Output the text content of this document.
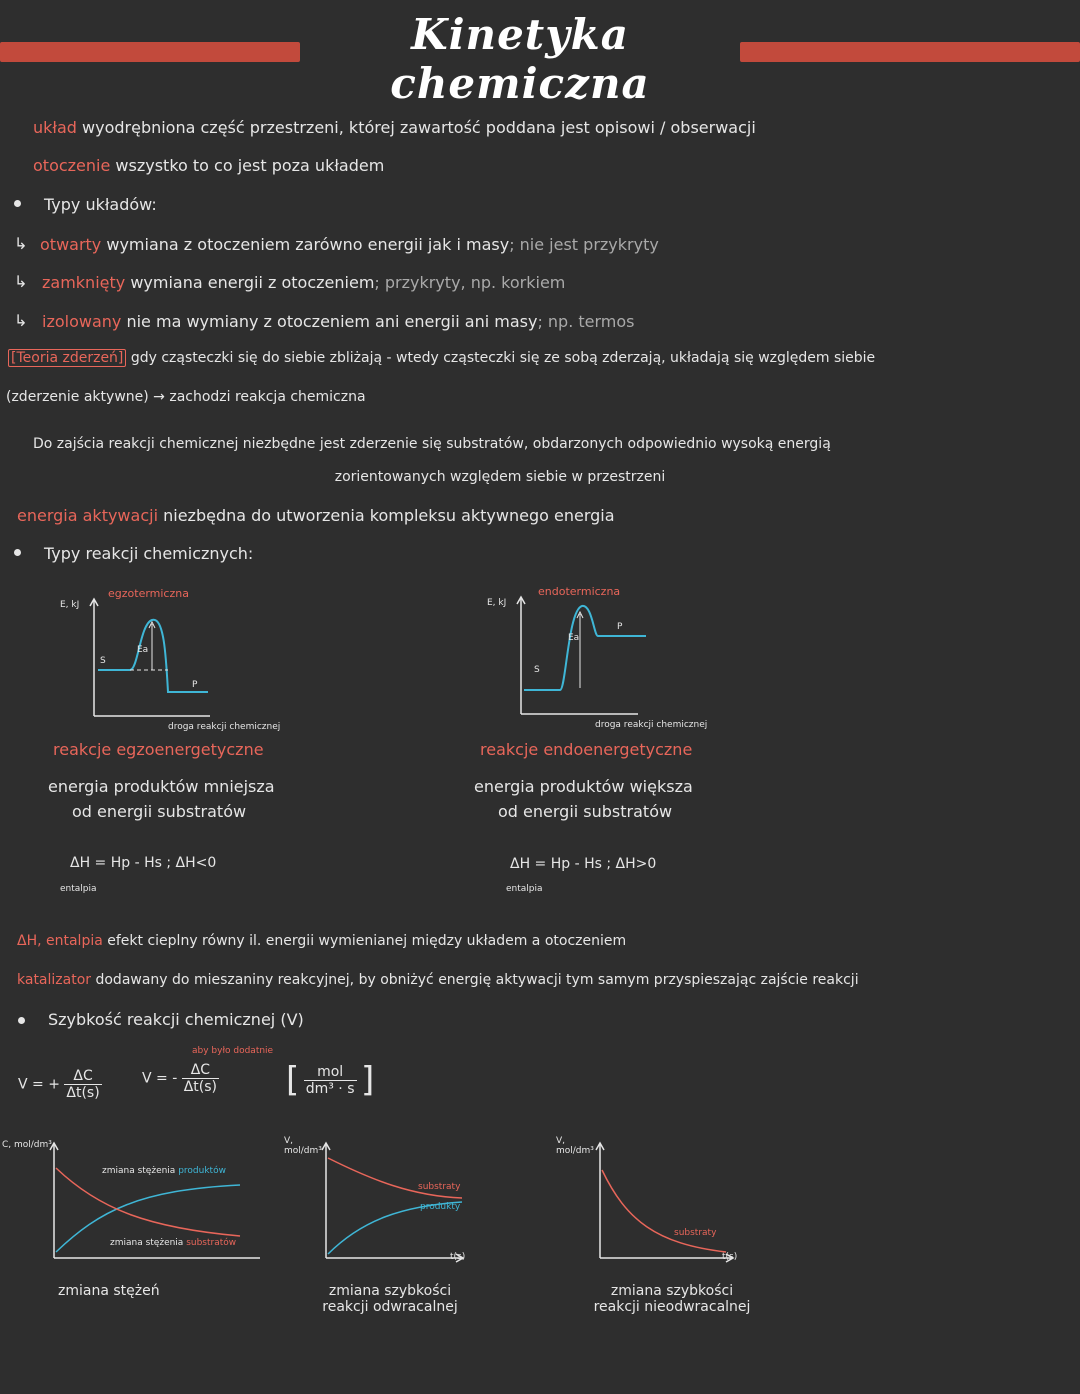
Kinetyka chemiczna
układ wyodrębniona część przestrzeni, której zawartość poddana jest opisowi / obserwacji
otoczenie wszystko to co jest poza układem
Typy układów:
↳ otwarty wymiana z otoczeniem zarówno energii jak i masy; nie jest przykryty
↳ zamknięty wymiana energii z otoczeniem; przykryty, np. korkiem
↳ izolowany nie ma wymiany z otoczeniem ani energii ani masy; np. termos
[Teoria zderzeń] gdy cząsteczki się do siebie zbliżają - wtedy cząsteczki się ze sobą zderzają, układają się względem siebie
(zderzenie aktywne) → zachodzi reakcja chemiczna
Do zajścia reakcji chemicznej niezbędne jest zderzenie się substratów, obdarzonych odpowiednio wysoką energią
zorientowanych względem siebie w przestrzeni
energia aktywacji niezbędna do utworzenia kompleksu aktywnego energia
Typy reakcji chemicznych:
egzotermiczna
E, kJ
S
Ea
P
droga reakcji chemicznej
reakcje egzoenergetyczne
energia produktów mniejsza
od energii substratów
ΔH = Hp - Hs ; ΔH<0
entalpia
endotermiczna
E, kJ
S
Ea
P
droga reakcji chemicznej
reakcje endoenergetyczne
energia produktów większa
od energii substratów
ΔH = Hp - Hs ; ΔH>0
entalpia
ΔH, entalpia efekt cieplny równy il. energii wymienianej między układem a otoczeniem
katalizator dodawany do mieszaniny reakcyjnej, by obniżyć energię aktywacji tym samym przyspieszając zajście reakcji
Szybkość reakcji chemicznej (V)
V = + $\frac{\Delta C}{\Delta t(s)}$
aby było dodatnie
V = - $\frac{\Delta C}{\Delta t(s)}$ [ $\frac{\text{mol}}{\text{dm³ · s}}$ ]
C, mol/dm³
zmiana stężenia produktów
zmiana stężenia substratów
zmiana stężeń
V, mol/dm³
substraty
produkty
t(s)
zmiana szybkości
reakcji odwracalnej
V, mol/dm³
substraty
t(s)
zmiana szybkości
reakcji nieodwracalnej
